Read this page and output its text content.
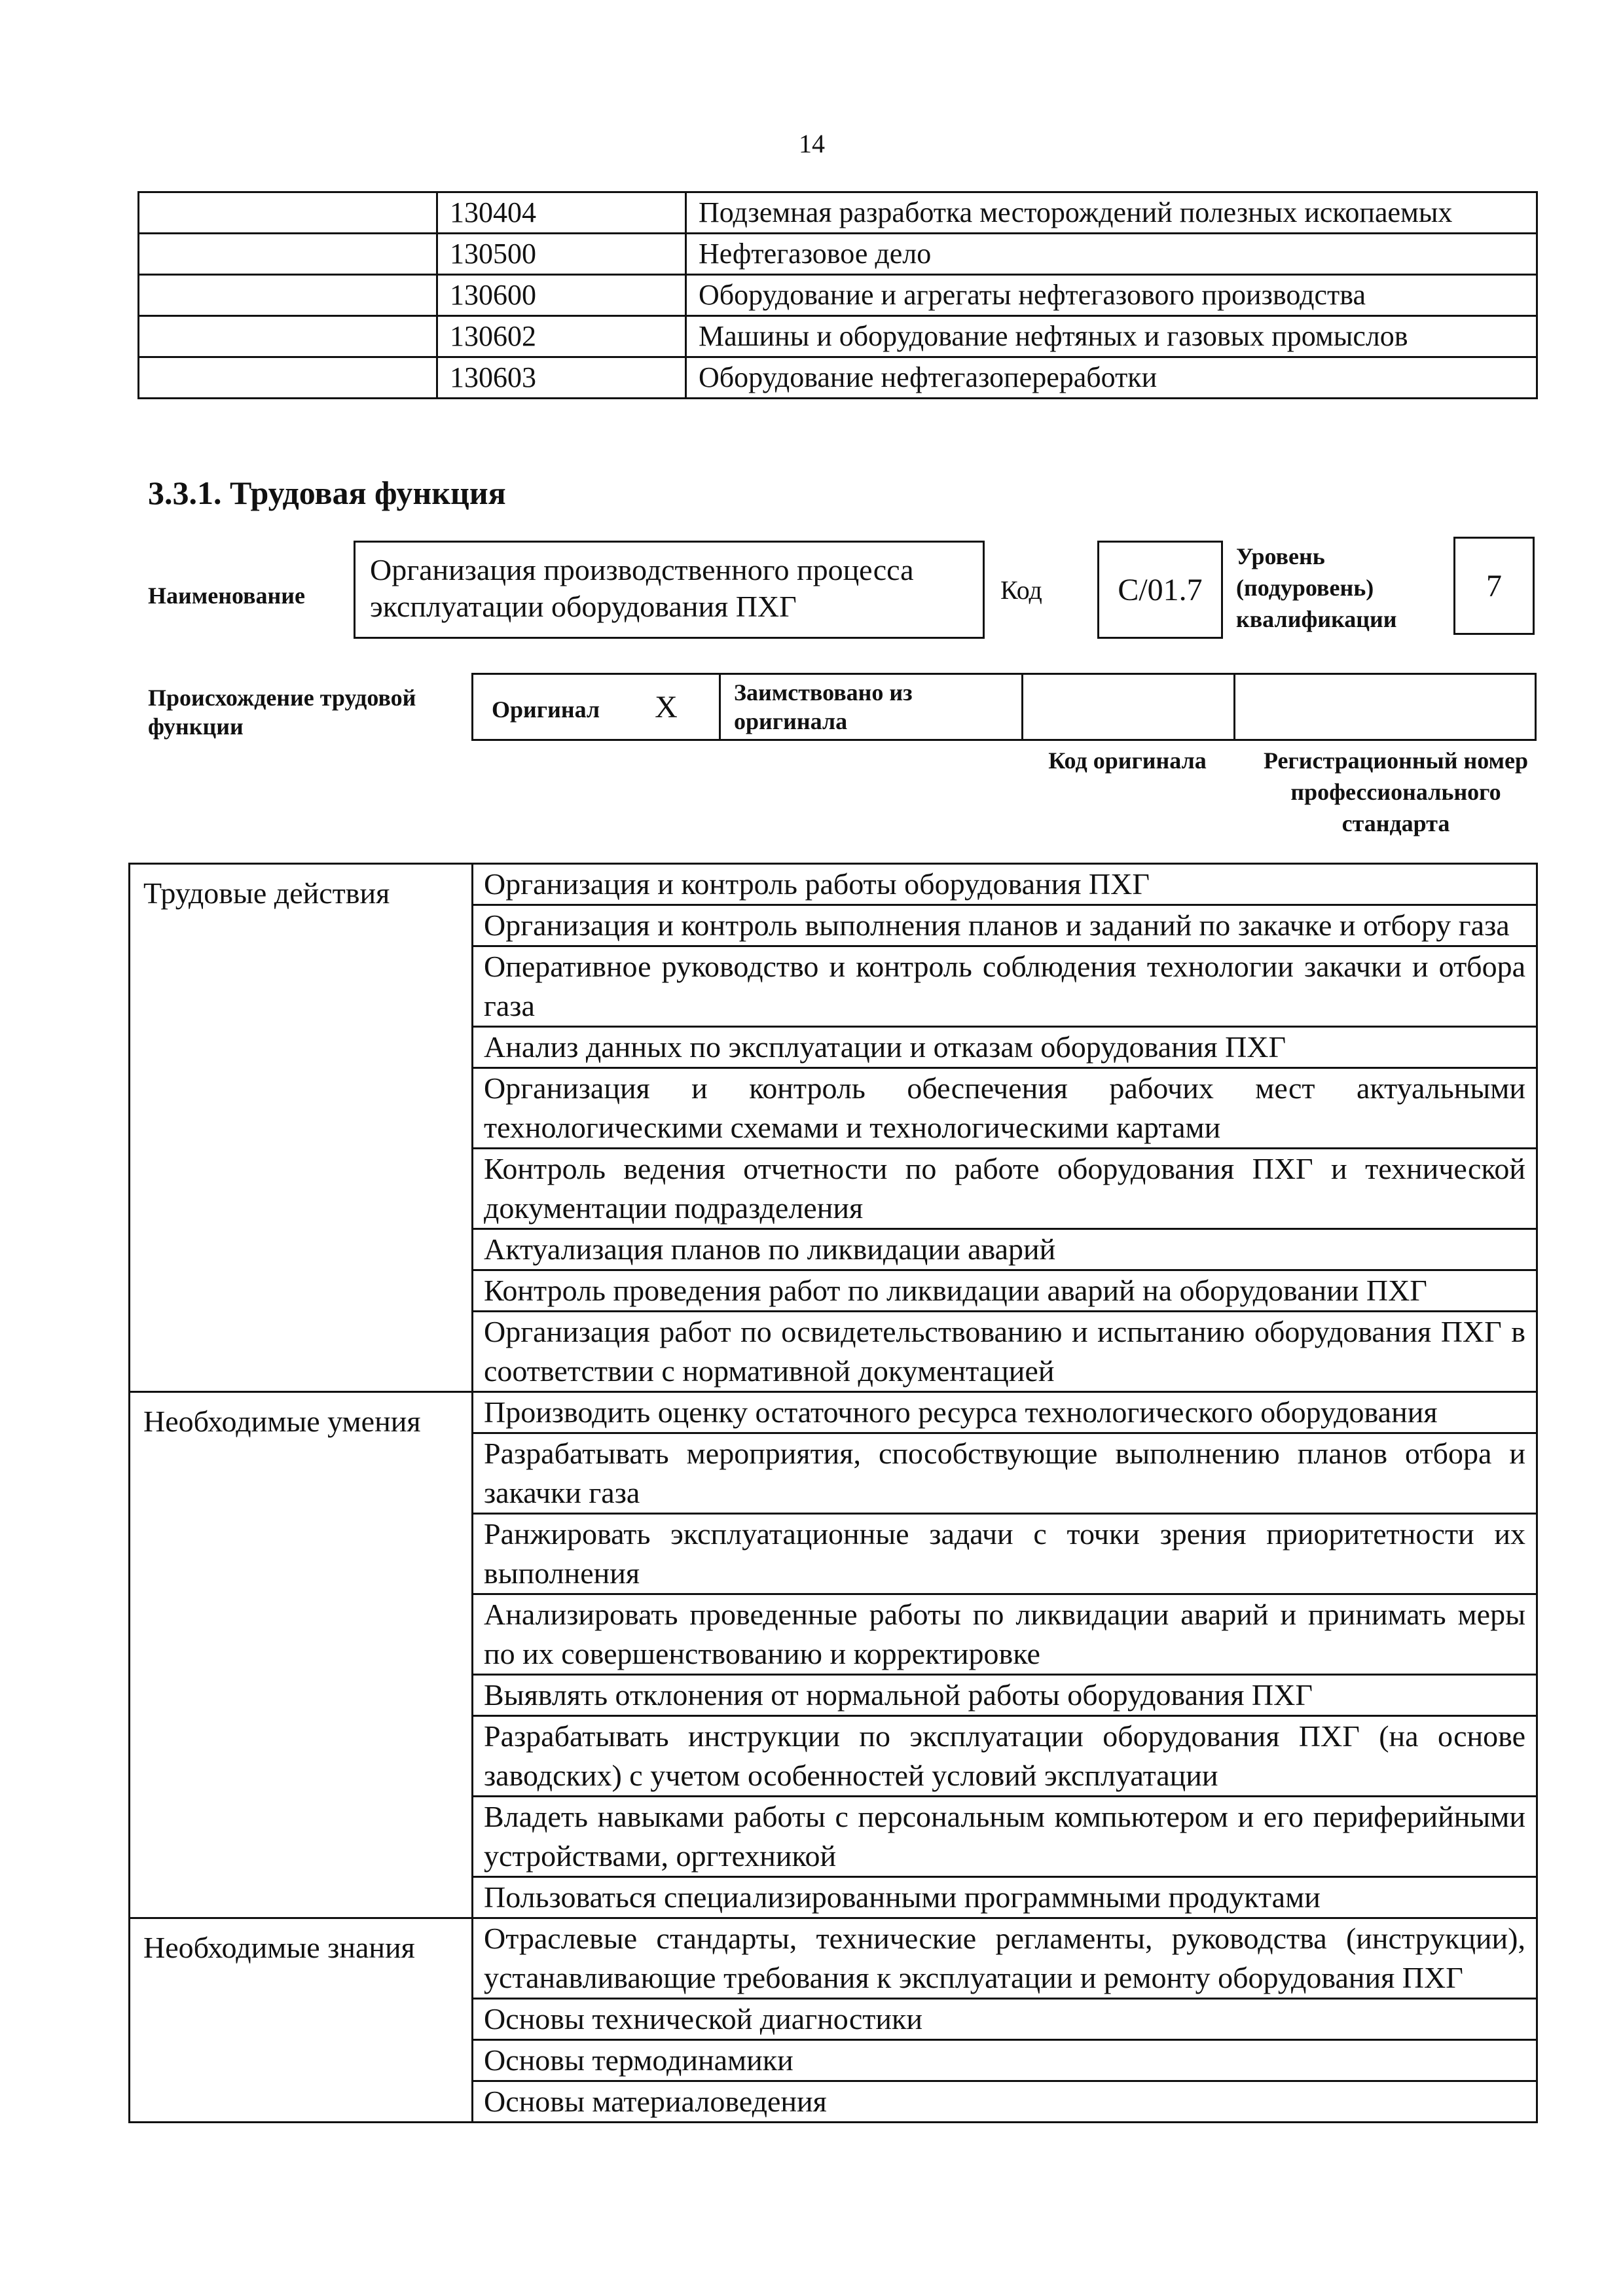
14
	130404	Подземная разработка месторождений полезных ископаемых
	130500	Нефтегазовое дело
	130600	Оборудование и агрегаты нефтегазового производства
	130602	Машины и оборудование нефтяных и газовых промыслов
	130603	Оборудование нефтегазопереработки
3.3.1. Трудовая функция
Наименование
Организация производственного процесса эксплуатации оборудования ПХГ	Код	C/01.7
Уровень (подуровень) квалификации
7
Происхождение трудовой функции
Оригинал X	Заимствовано из оригинала		
Код оригинала	Регистрационный номер профессионального стандарта
Трудовые действия	Организация и контроль работы оборудования ПХГ
	Организация и контроль выполнения планов и заданий по закачке и отбору газа
	Оперативное руководство и контроль соблюдения технологии закачки и отбора газа
	Анализ данных по эксплуатации и отказам оборудования ПХГ
	Организация и контроль обеспечения рабочих мест актуальными технологическими схемами и технологическими картами
	Контроль ведения отчетности по работе оборудования ПХГ и технической документации подразделения
	Актуализация планов по ликвидации аварий
	Контроль проведения работ по ликвидации аварий на оборудовании ПХГ
	Организация работ по освидетельствованию и испытанию оборудования ПХГ в соответствии с нормативной документацией
Необходимые умения	Производить оценку остаточного ресурса технологического оборудования
	Разрабатывать мероприятия, способствующие выполнению планов отбора и закачки газа
	Ранжировать эксплуатационные задачи с точки зрения приоритетности их выполнения
	Анализировать проведенные работы по ликвидации аварий и принимать меры по их совершенствованию и корректировке
	Выявлять отклонения от нормальной работы оборудования ПХГ
	Разрабатывать инструкции по эксплуатации оборудования ПХГ (на основе заводских) с учетом особенностей условий эксплуатации
	Владеть навыками работы с персональным компьютером и его периферийными устройствами, оргтехникой
	Пользоваться специализированными программными продуктами
Необходимые знания	Отраслевые стандарты, технические регламенты, руководства (инструкции), устанавливающие требования к эксплуатации и ремонту оборудования ПХГ
	Основы технической диагностики
	Основы термодинамики
	Основы материаловедения
